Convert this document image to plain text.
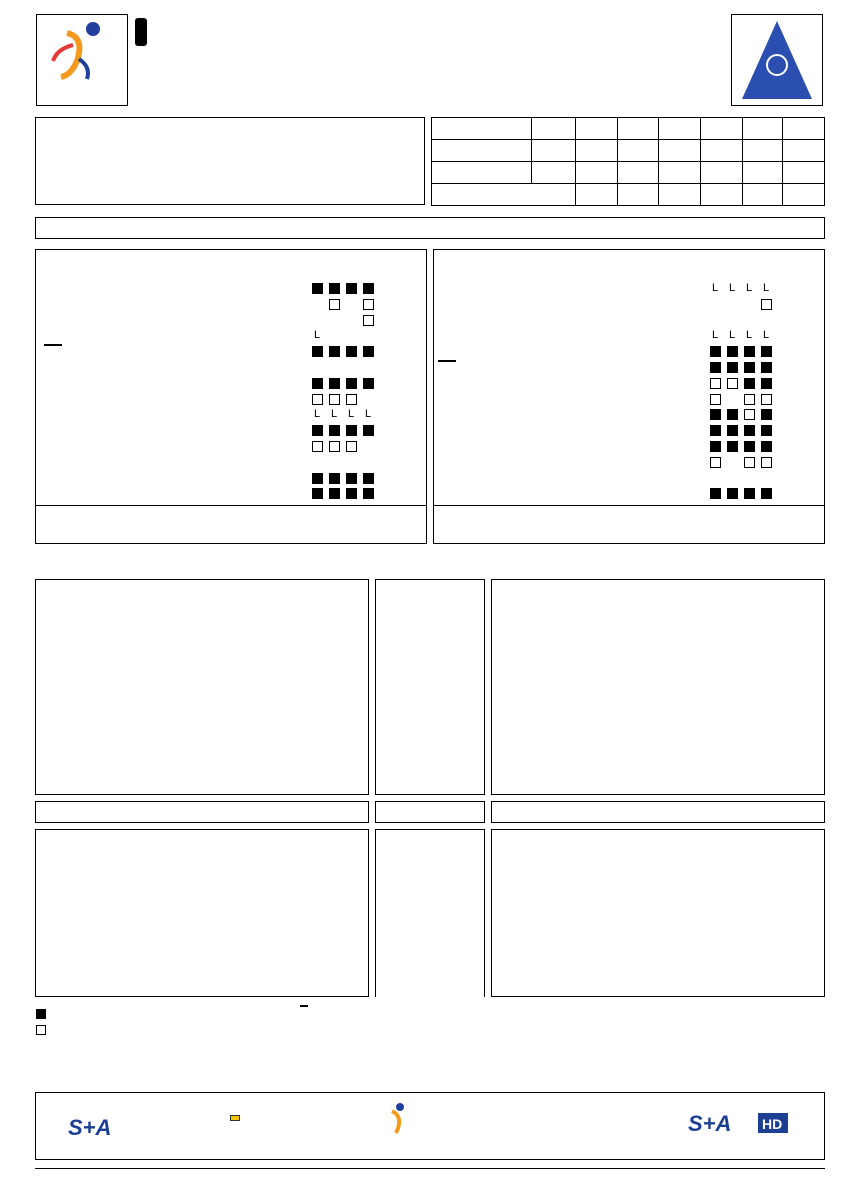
L
L L L L
L L L L
L L L L
S+A	S+A HD
